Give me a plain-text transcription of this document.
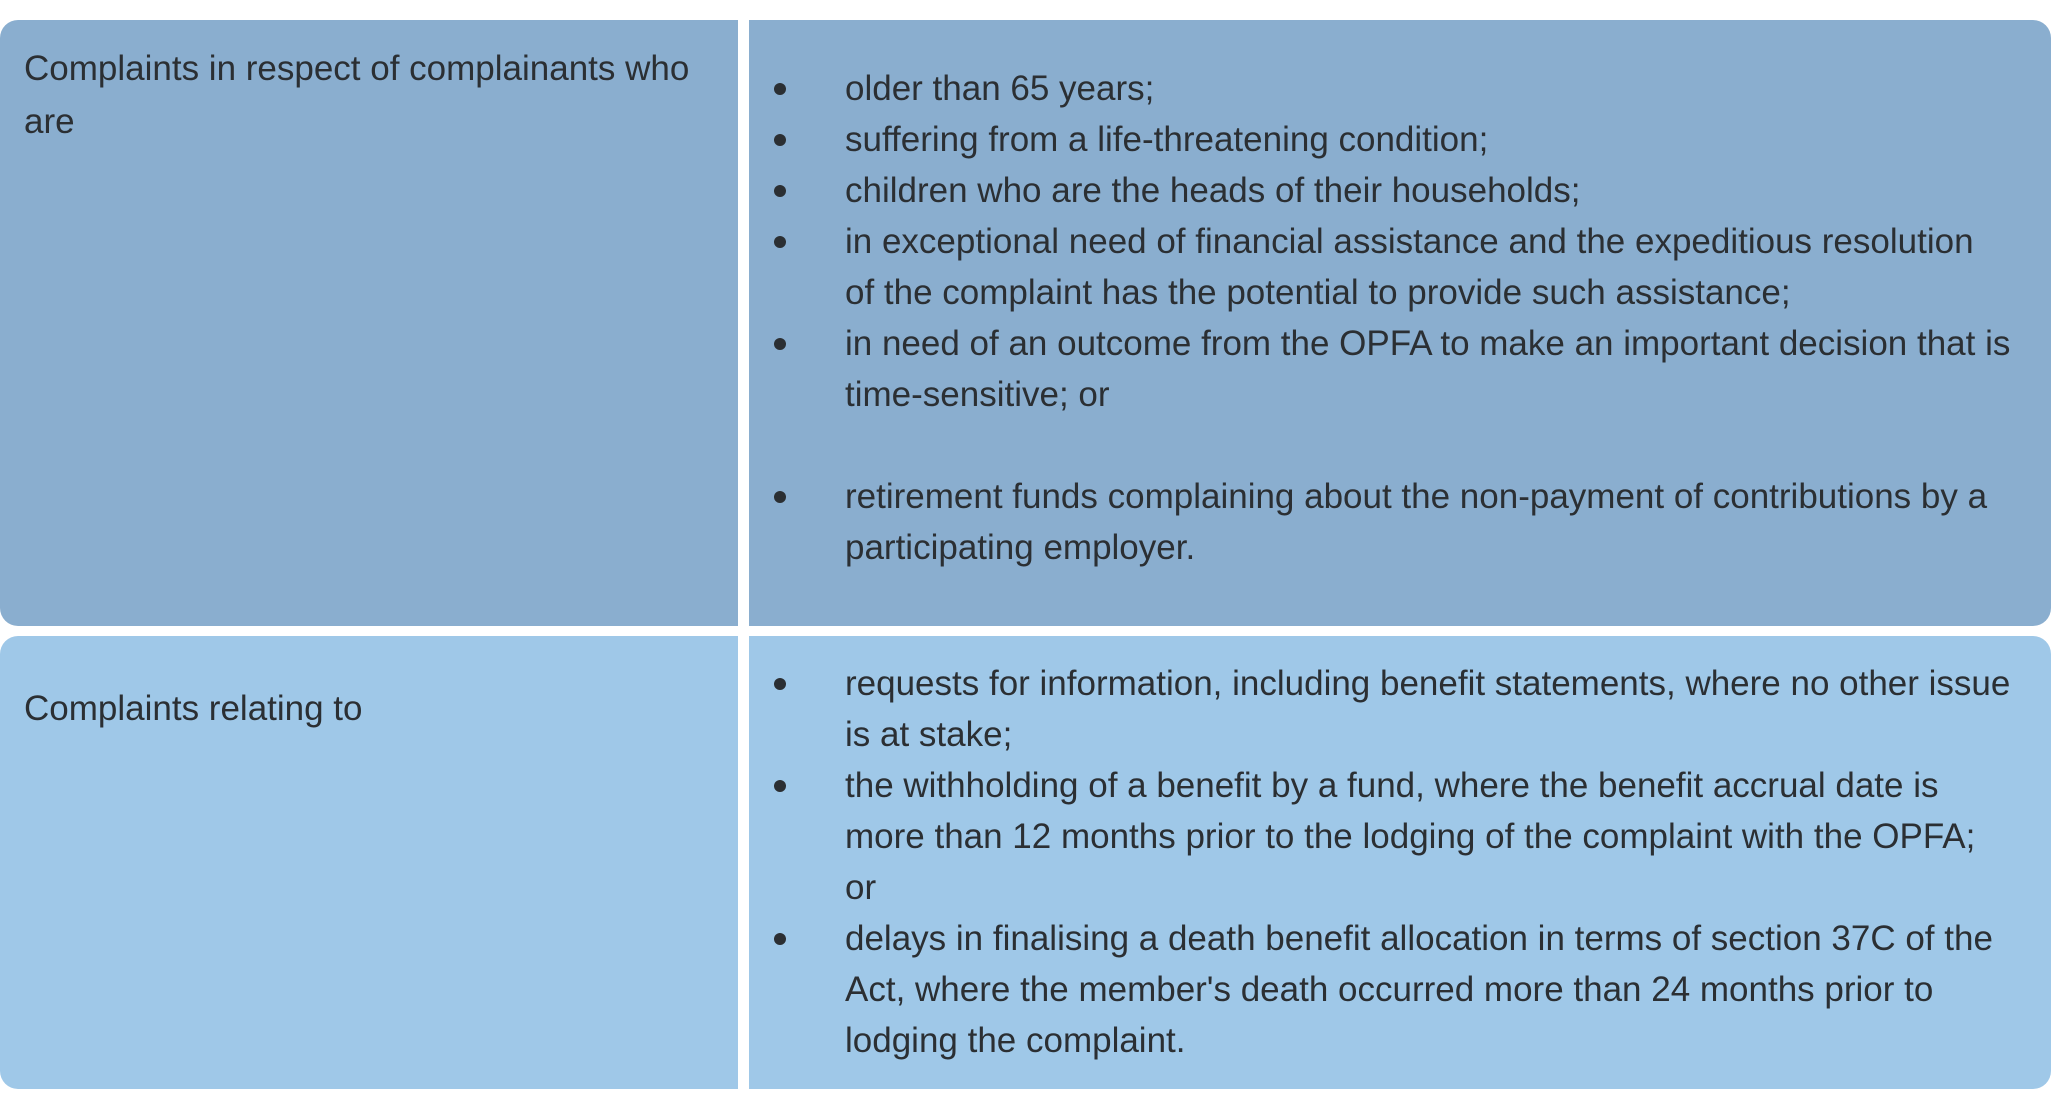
Complaints in respect of complainants who are

older than 65 years;
suffering from a life-threatening condition;
children who are the heads of their households;
in exceptional need of financial assistance and the expeditious resolution of the complaint has the potential to provide such assistance;
in need of an outcome from the OPFA to make an important decision that is time-sensitive; or
retirement funds complaining about the non-payment of contributions by a participating employer.

Complaints relating to

requests for information, including benefit statements, where no other issue is at stake;
the withholding of a benefit by a fund, where the benefit accrual date is more than 12 months prior to the lodging of the complaint with the OPFA; or
delays in finalising a death benefit allocation in terms of section 37C of the Act, where the member's death occurred more than 24 months prior to lodging the complaint.
